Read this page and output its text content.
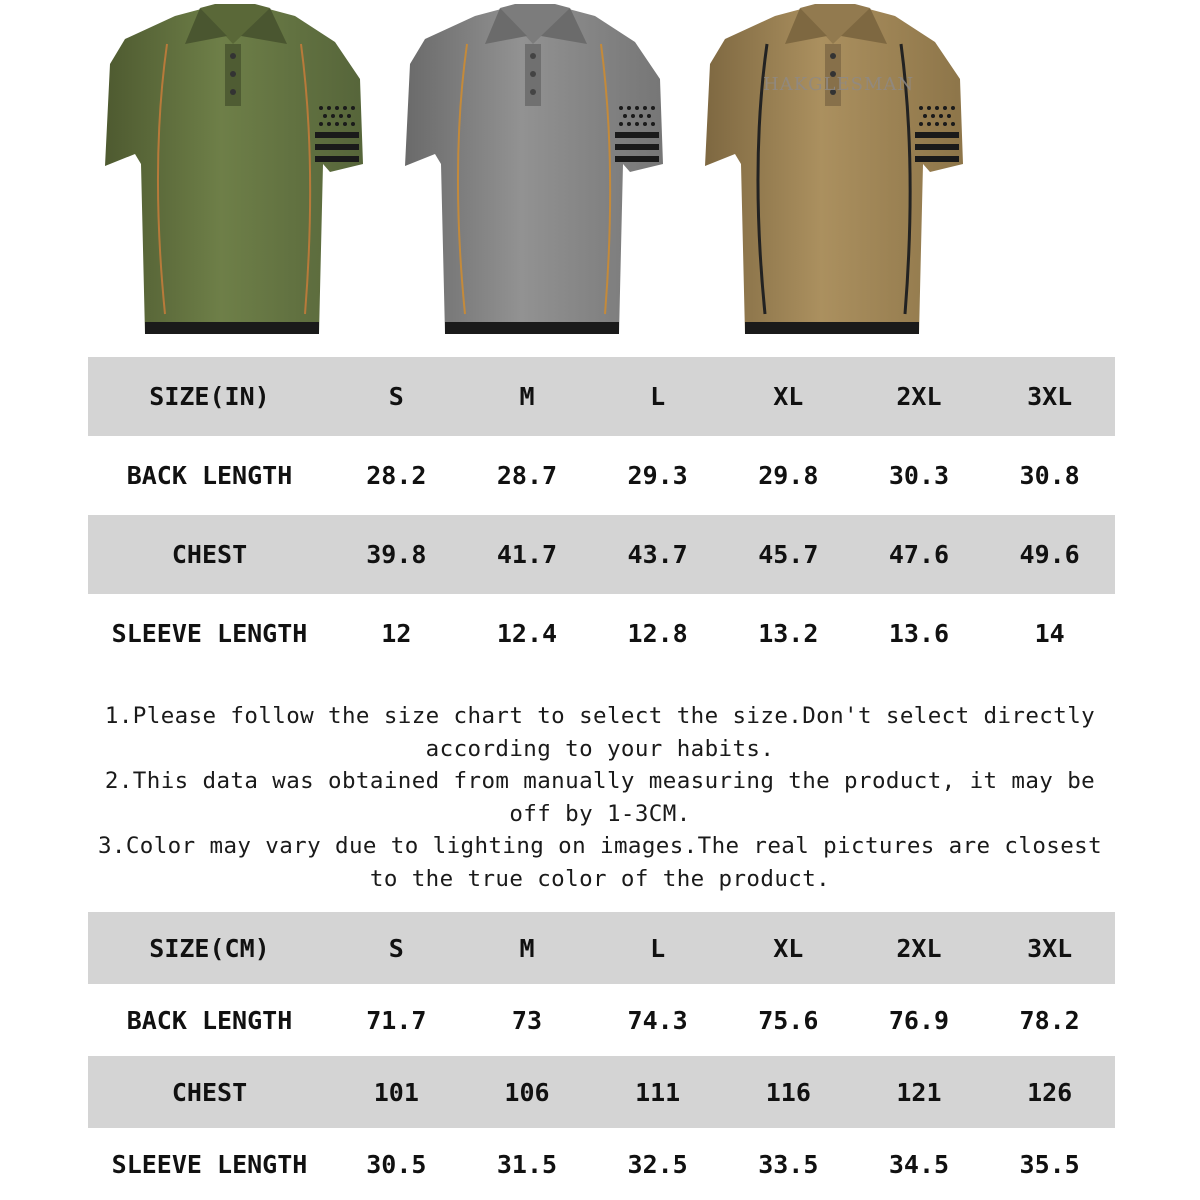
HAKGLESMAN
SIZE(IN)	S	M	L	XL	2XL	3XL
BACK LENGTH	28.2	28.7	29.3	29.8	30.3	30.8
CHEST	39.8	41.7	43.7	45.7	47.6	49.6
SLEEVE LENGTH	12	12.4	12.8	13.2	13.6	14

1.Please follow the size chart to select the size.Don't select directly according to your habits.

2.This data was obtained from manually measuring the product, it may be off by 1-3CM.

3.Color may vary due to lighting on images.The real pictures are closest to the true color of the product.

SIZE(CM)	S	M	L	XL	2XL	3XL
BACK LENGTH	71.7	73	74.3	75.6	76.9	78.2
CHEST	101	106	111	116	121	126
SLEEVE LENGTH	30.5	31.5	32.5	33.5	34.5	35.5
